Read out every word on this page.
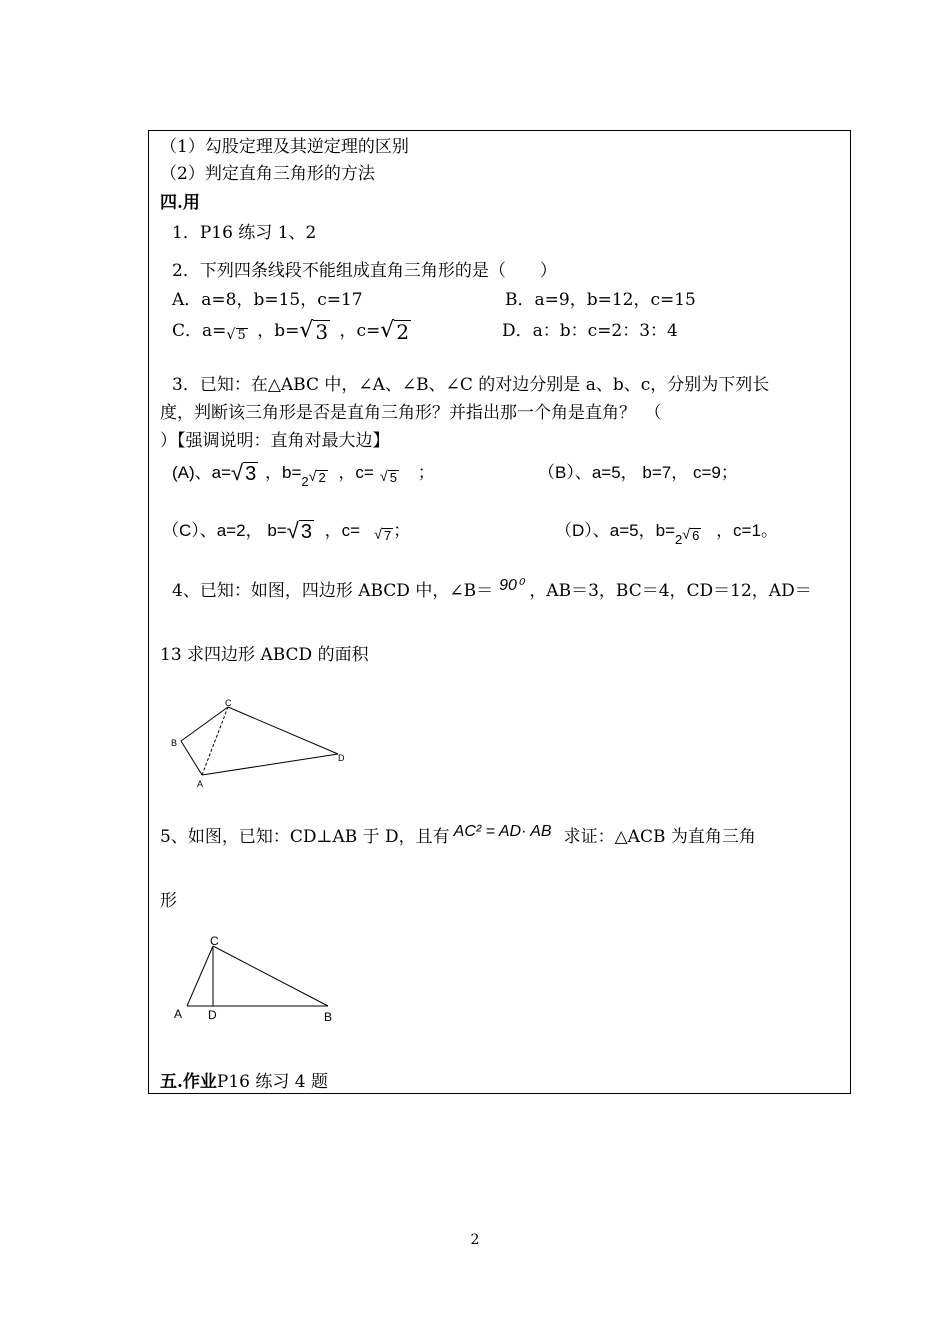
（1）勾股定理及其逆定理的区别
（2）判定直角三角形的方法
四.用
1．P16 练习 1、2
2．下列四条线段不能组成直角三角形的是（　　）
A．a=8，b=15，c=17	B．a=9，b=12，c=15
C．a= √ 5 ，b= √ 3 ，c= √ 2	D．a：b：c=2：3：4
3．已知：在△ABC 中，∠A、∠B、∠C 的对边分别是 a、b、c，分别为下列长
度，判断该三角形是否是直角三角形？并指出那一个角是直角？　（
）【强调说明：直角对最大边】
(A)、a= √ 3 ，$b=_2$ √ 2 ，c= √ 5 ；	（B）、a=5， b=7， c=9；
（C）、a=2， b= √ 3 ，c= √ 7 ；	（D）、a=5，$b=_2$ √ 6 ，c=1。
4、已知：如图，四边形 ABCD 中，∠B＝ 90⁰ ，AB＝3，BC＝4，CD＝12，AD＝
13 求四边形 ABCD 的面积
C
B
D
A
5、如图，已知：CD⊥AB 于 D，且有 AC² = AD· AB 求证：△ACB 为直角三角
形
C
A D	B
五.作业P16 练习 4 题
2
